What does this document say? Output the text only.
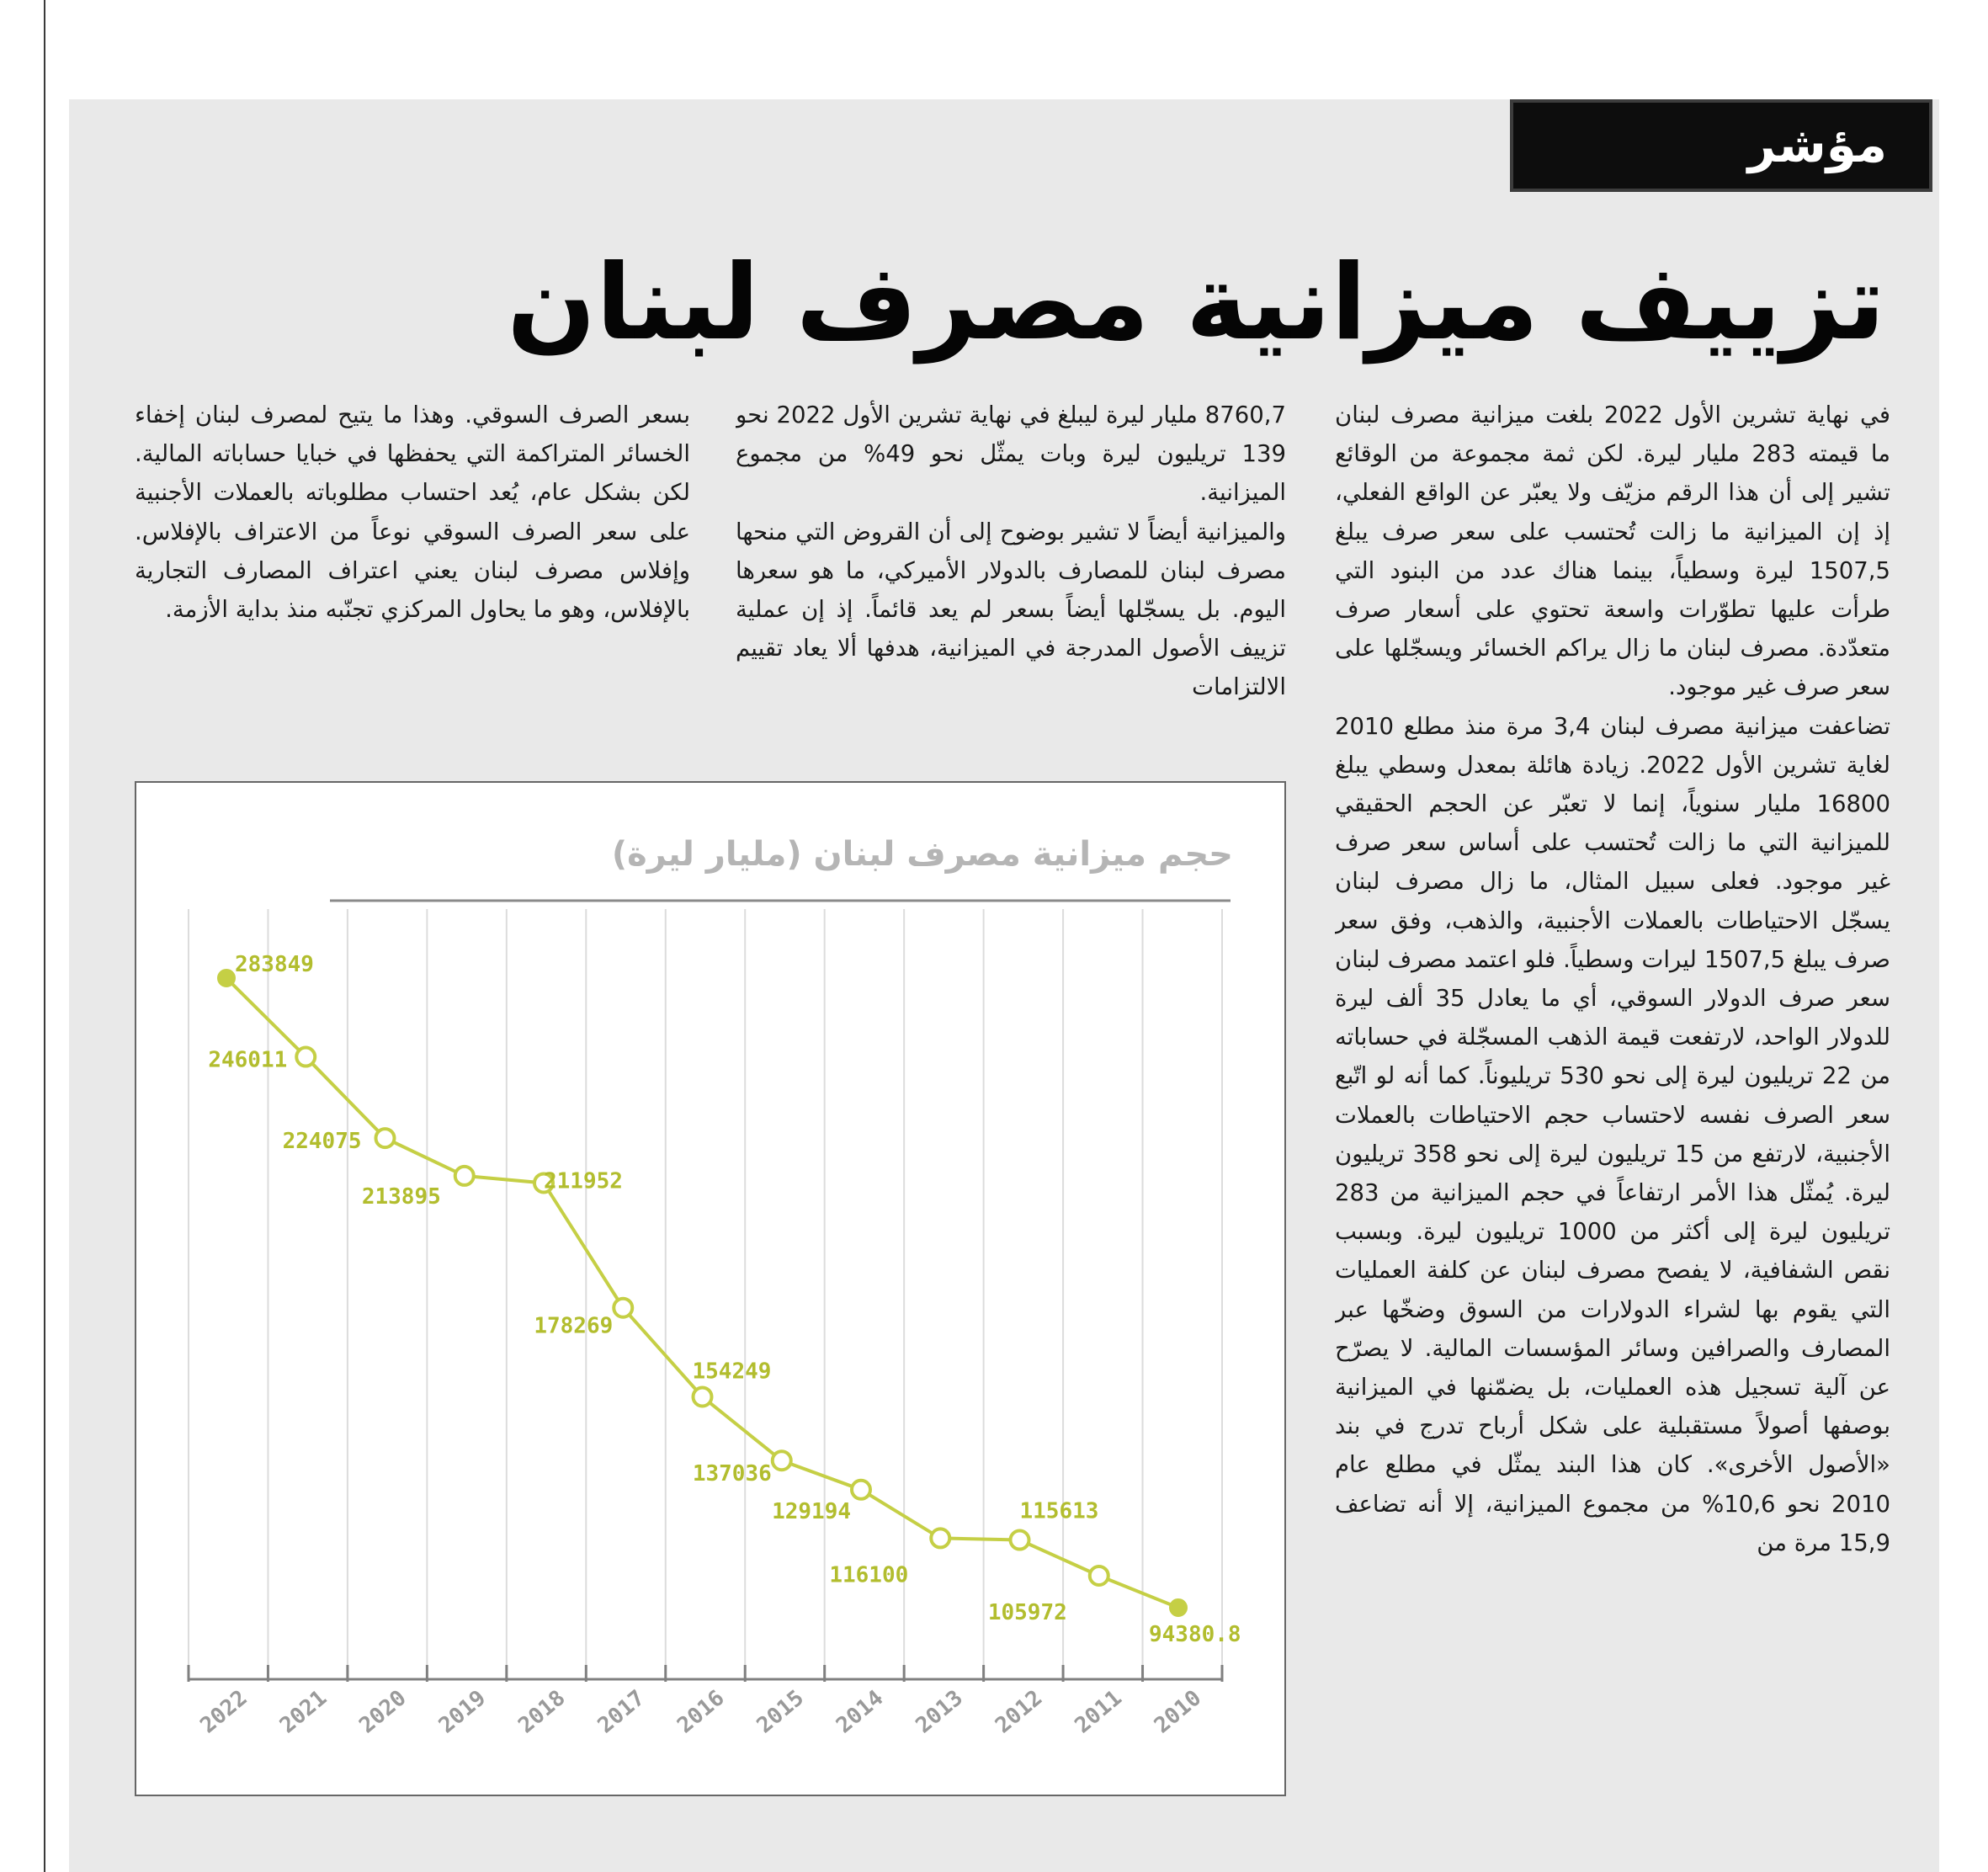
مؤشر
تزييف ميزانية مصرف لبنان

في نهاية تشرين الأول 2022 بلغت ميزانية مصرف لبنان ما قيمته 283 مليار ليرة. لكن ثمة مجموعة من الوقائع تشير إلى أن هذا الرقم مزيّف ولا يعبّر عن الواقع الفعلي، إذ إن الميزانية ما زالت تُحتسب على سعر صرف يبلغ 1507,5 ليرة وسطياً، بينما هناك عدد من البنود التي طرأت عليها تطوّرات واسعة تحتوي على أسعار صرف متعدّدة. مصرف لبنان ما زال يراكم الخسائر ويسجّلها على سعر صرف غير موجود.

تضاعفت ميزانية مصرف لبنان 3,4 مرة منذ مطلع 2010 لغاية تشرين الأول 2022. زيادة هائلة بمعدل وسطي يبلغ 16800 مليار سنوياً، إنما لا تعبّر عن الحجم الحقيقي للميزانية التي ما زالت تُحتسب على أساس سعر صرف غير موجود. فعلى سبيل المثال، ما زال مصرف لبنان يسجّل الاحتياطات بالعملات الأجنبية، والذهب، وفق سعر صرف يبلغ 1507,5 ليرات وسطياً. فلو اعتمد مصرف لبنان سعر صرف الدولار السوقي، أي ما يعادل 35 ألف ليرة للدولار الواحد، لارتفعت قيمة الذهب المسجّلة في حساباته من 22 تريليون ليرة إلى نحو 530 تريليوناً. كما أنه لو اتّبع سعر الصرف نفسه لاحتساب حجم الاحتياطات بالعملات الأجنبية، لارتفع من 15 تريليون ليرة إلى نحو 358 تريليون ليرة. يُمثّل هذا الأمر ارتفاعاً في حجم الميزانية من 283 تريليون ليرة إلى أكثر من 1000 تريليون ليرة. وبسبب نقص الشفافية، لا يفصح مصرف لبنان عن كلفة العمليات التي يقوم بها لشراء الدولارات من السوق وضخّها عبر المصارف والصرافين وسائر المؤسسات المالية. لا يصرّح عن آلية تسجيل هذه العمليات، بل يضمّنها في الميزانية بوصفها أصولاً مستقبلية على شكل أرباح تدرج في بند «الأصول الأخرى». كان هذا البند يمثّل في مطلع عام 2010 نحو 10,6% من مجموع الميزانية، إلا أنه تضاعف 15,9 مرة من

8760,7 مليار ليرة ليبلغ في نهاية تشرين الأول 2022 نحو 139 تريليون ليرة وبات يمثّل نحو 49% من مجموع الميزانية.

والميزانية أيضاً لا تشير بوضوح إلى أن القروض التي منحها مصرف لبنان للمصارف بالدولار الأميركي، ما هو سعرها اليوم. بل يسجّلها أيضاً بسعر لم يعد قائماً. إذ إن عملية تزييف الأصول المدرجة في الميزانية، هدفها ألا يعاد تقييم الالتزامات

بسعر الصرف السوقي. وهذا ما يتيح لمصرف لبنان إخفاء الخسائر المتراكمة التي يحفظها في خبايا حساباته المالية. لكن بشكل عام، يُعد احتساب مطلوباته بالعملات الأجنبية على سعر الصرف السوقي نوعاً من الاعتراف بالإفلاس. وإفلاس مصرف لبنان يعني اعتراف المصارف التجارية بالإفلاس، وهو ما يحاول المركزي تجنّبه منذ بداية الأزمة.

283849
246011
224075
213895
211952
178269
154249
137036
129194
116100
115613
105972
94380.8
2022 2021 2020 2019 2018 2017 2016 2015 2014 2013 2012 2011 2010
حجم ميزانية مصرف لبنان (مليار ليرة)
